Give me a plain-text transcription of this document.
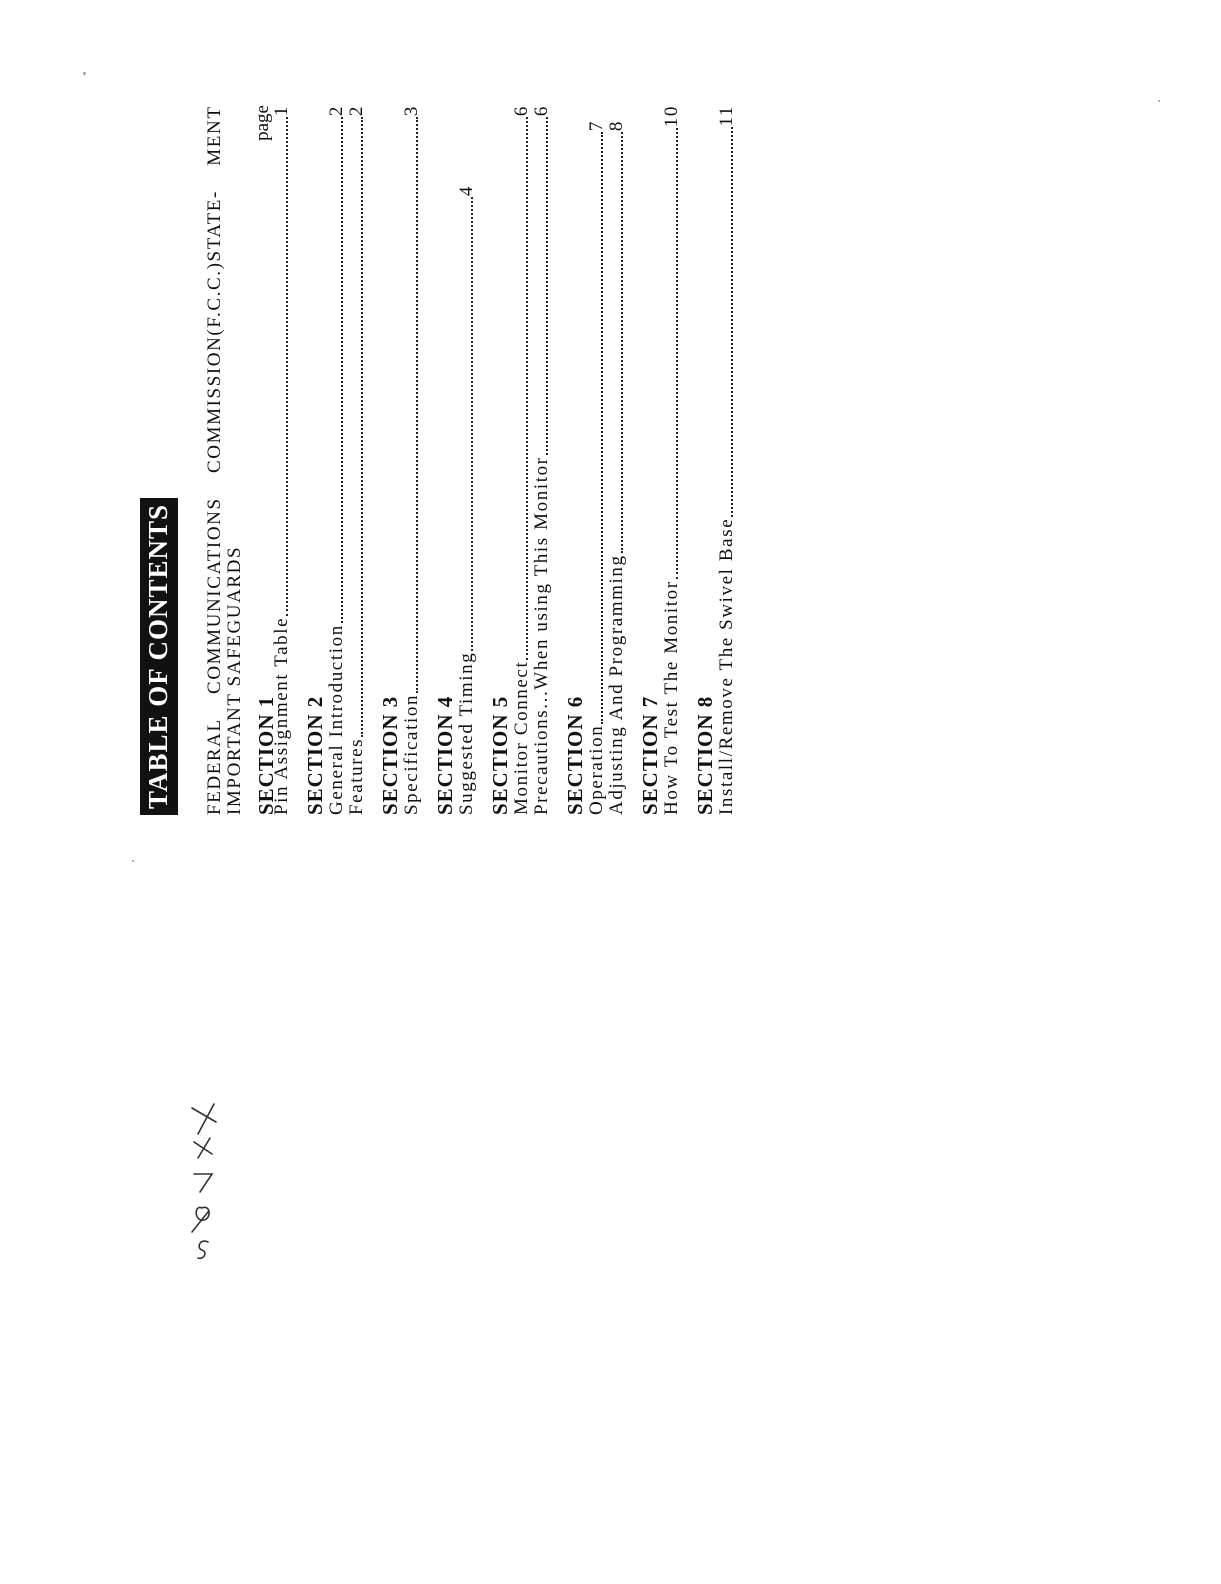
TABLE OF CONTENTS	FEDERAL COMMUNICATIONS COMMISSION(F.C.C.)STATE- MENT
IMPORTANT SAFEGUARDS SECTION 1
page
Pin Assignment Table
1
SECTION 2 General Introduction
2
Features
2
SECTION 3 Specification
3
SECTION 4 Suggested Timing
4
SECTION 5 Monitor Connect
6
Precautions...When using This Monitor
6
SECTION 6 Operation
7
Adjusting And Programming
8
SECTION 7 How To Test The Monitor
10
SECTION 8 Install/Remove The Swivel Base
11
